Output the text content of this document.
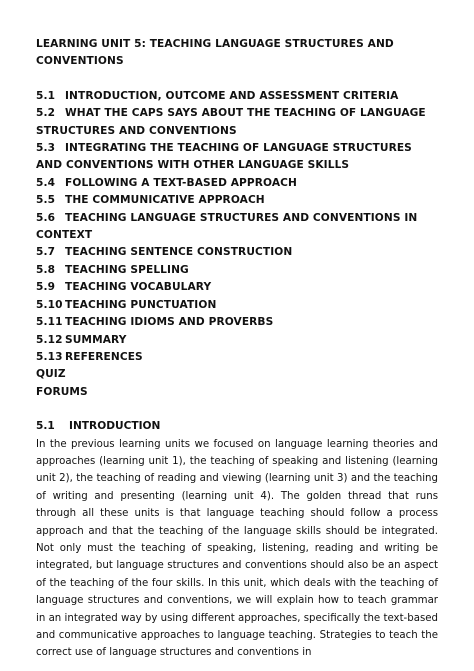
LEARNING UNIT 5: TEACHING LANGUAGE STRUCTURES AND CONVENTIONS
5.1 INTRODUCTION, OUTCOME AND ASSESSMENT CRITERIA
5.2 WHAT THE CAPS SAYS ABOUT THE TEACHING OF LANGUAGE STRUCTURES AND CONVENTIONS
5.3 INTEGRATING THE TEACHING OF LANGUAGE STRUCTURES AND CONVENTIONS WITH OTHER LANGUAGE SKILLS
5.4 FOLLOWING A TEXT-BASED APPROACH
5.5 THE COMMUNICATIVE APPROACH
5.6 TEACHING LANGUAGE STRUCTURES AND CONVENTIONS IN CONTEXT
5.7 TEACHING SENTENCE CONSTRUCTION
5.8 TEACHING SPELLING
5.9 TEACHING VOCABULARY
5.10 TEACHING PUNCTUATION
5.11 TEACHING IDIOMS AND PROVERBS
5.12 SUMMARY
5.13 REFERENCES
QUIZ
FORUMS
5.1	INTRODUCTION

In the previous learning units we focused on language learning theories and approaches (learning unit 1), the teaching of speaking and listening (learning unit 2), the teaching of reading and viewing (learning unit 3) and the teaching of writing and presenting (learning unit 4). The golden thread that runs through all these units is that language teaching should follow a process approach and that the teaching of the language skills should be integrated. Not only must the teaching of speaking, listening, reading and writing be integrated, but language structures and conventions should also be an aspect of the teaching of the four skills. In this unit, which deals with the teaching of language structures and conventions, we will explain how to teach grammar in an integrated way by using different approaches, specifically the text-based and communicative approaches to language teaching. Strategies to teach the correct use of language structures and conventions in
